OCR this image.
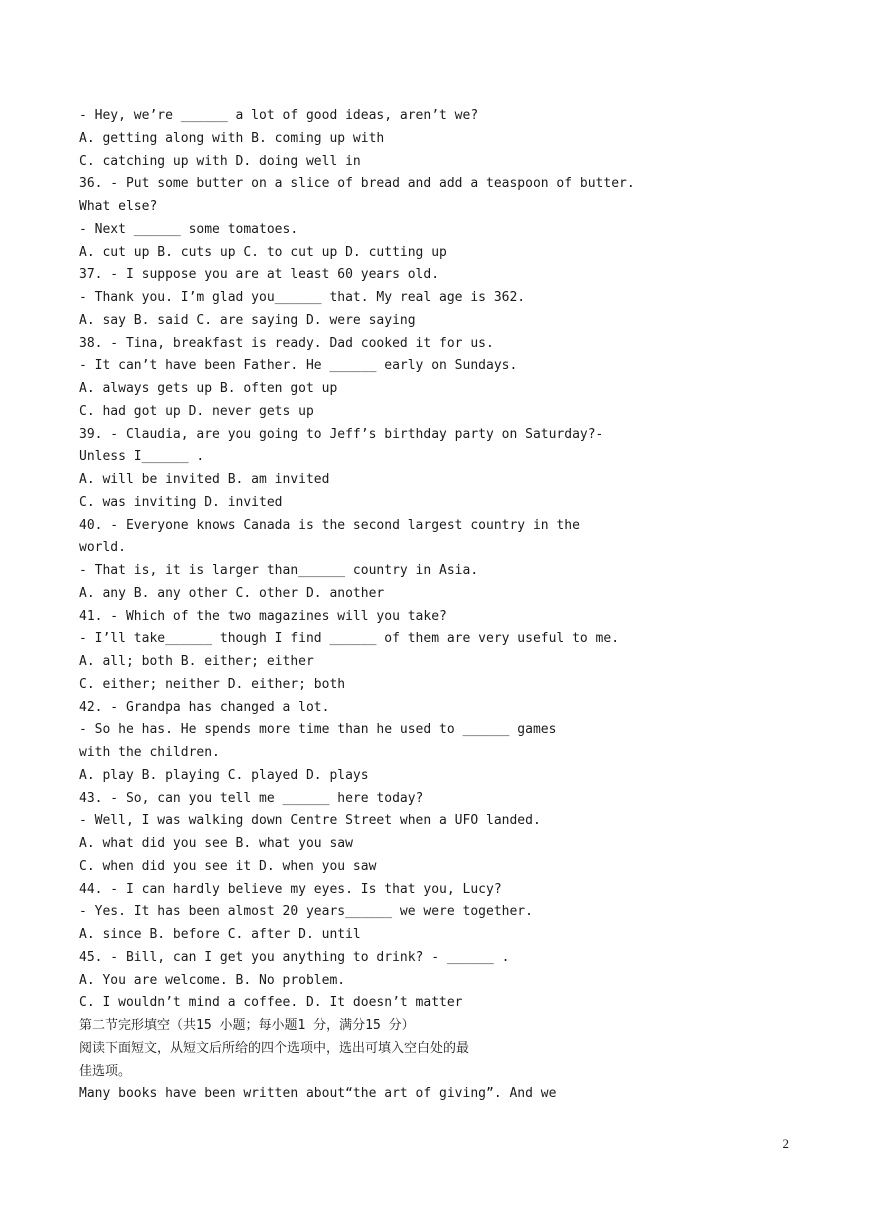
- Hey, we’re ______ a lot of good ideas, aren’t we?
A. getting along with B. coming up with
C. catching up with D. doing well in
36. - Put some butter on a slice of bread and add a teaspoon of butter.
What else?
- Next ______ some tomatoes.
A. cut up B. cuts up C. to cut up D. cutting up
37. - I suppose you are at least 60 years old.
- Thank you. I’m glad you______ that. My real age is 362.
A. say B. said C. are saying D. were saying
38. - Tina, breakfast is ready. Dad cooked it for us.
- It can’t have been Father. He ______ early on Sundays.
A. always gets up B. often got up
C. had got up D. never gets up
39. - Claudia, are you going to Jeff’s birthday party on Saturday?-
Unless I______ .
A. will be invited B. am invited
C. was inviting D. invited
40. - Everyone knows Canada is the second largest country in the
world.
- That is, it is larger than______ country in Asia.
A. any B. any other C. other D. another
41. - Which of the two magazines will you take?
- I’ll take______ though I find ______ of them are very useful to me.
A. all; both B. either; either
C. either; neither D. either; both
42. - Grandpa has changed a lot.
- So he has. He spends more time than he used to ______ games
with the children.
A. play B. playing C. played D. plays
43. - So, can you tell me ______ here today?
- Well, I was walking down Centre Street when a UFO landed.
A. what did you see B. what you saw
C. when did you see it D. when you saw
44. - I can hardly believe my eyes. Is that you, Lucy?
- Yes. It has been almost 20 years______ we were together.
A. since B. before C. after D. until
45. - Bill, can I get you anything to drink? - ______ .
A. You are welcome. B. No problem.
C. I wouldn’t mind a coffee. D. It doesn’t matter
第二节完形填空（共15 小题；每小题1 分，满分15 分）
阅读下面短文，从短文后所给的四个选项中，选出可填入空白处的最
佳选项。
Many books have been written about“the art of giving”. And we
2
